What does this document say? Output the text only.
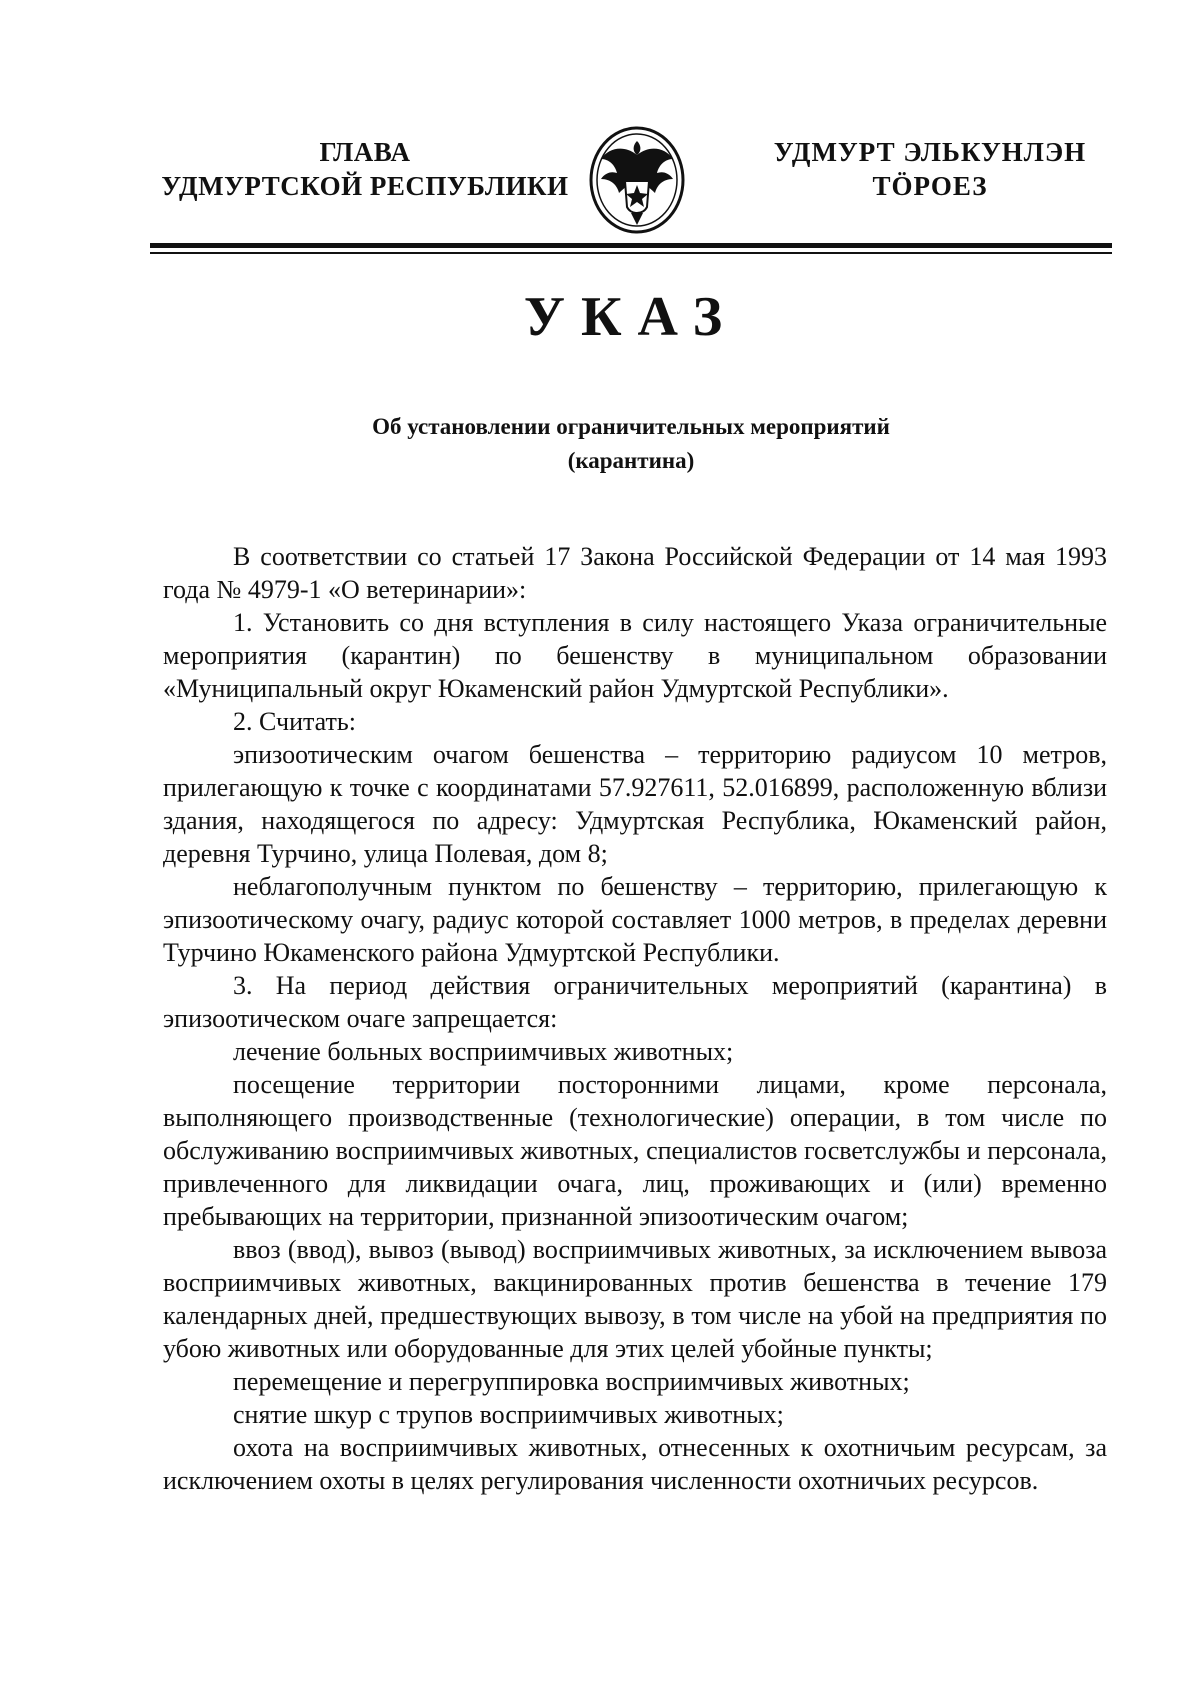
ГЛАВА
УДМУРТСКОЙ РЕСПУБЛИКИ
УДМУРТ ЭЛЬКУНЛЭН
ТӦРОЕЗ
УКАЗ
Об установлении ограничительных мероприятий
(карантина)

В соответствии со статьей 17 Закона Российской Федерации от 14 мая 1993 года № 4979-1 «О ветеринарии»:

1. Установить со дня вступления в силу настоящего Указа ограничительные мероприятия (карантин) по бешенству в муниципальном образовании «Муниципальный округ Юкаменский район Удмуртской Республики».

2. Считать:

эпизоотическим очагом бешенства – территорию радиусом 10 метров, прилегающую к точке с координатами 57.927611, 52.016899, расположенную вблизи здания, находящегося по адресу: Удмуртская Республика, Юкаменский район, деревня Турчино, улица Полевая, дом 8;

неблагополучным пунктом по бешенству – территорию, прилегающую к эпизоотическому очагу, радиус которой составляет 1000 метров, в пределах деревни Турчино Юкаменского района Удмуртской Республики.

3. На период действия ограничительных мероприятий (карантина) в эпизоотическом очаге запрещается:

лечение больных восприимчивых животных;

посещение территории посторонними лицами, кроме персонала, выполняющего производственные (технологические) операции, в том числе по обслуживанию восприимчивых животных, специалистов госветслужбы и персонала, привлеченного для ликвидации очага, лиц, проживающих и (или) временно пребывающих на территории, признанной эпизоотическим очагом;

ввоз (ввод), вывоз (вывод) восприимчивых животных, за исключением вывоза восприимчивых животных, вакцинированных против бешенства в течение 179 календарных дней, предшествующих вывозу, в том числе на убой на предприятия по убою животных или оборудованные для этих целей убойные пункты;

перемещение и перегруппировка восприимчивых животных;

снятие шкур с трупов восприимчивых животных;

охота на восприимчивых животных, отнесенных к охотничьим ресурсам, за исключением охоты в целях регулирования численности охотничьих ресурсов.
